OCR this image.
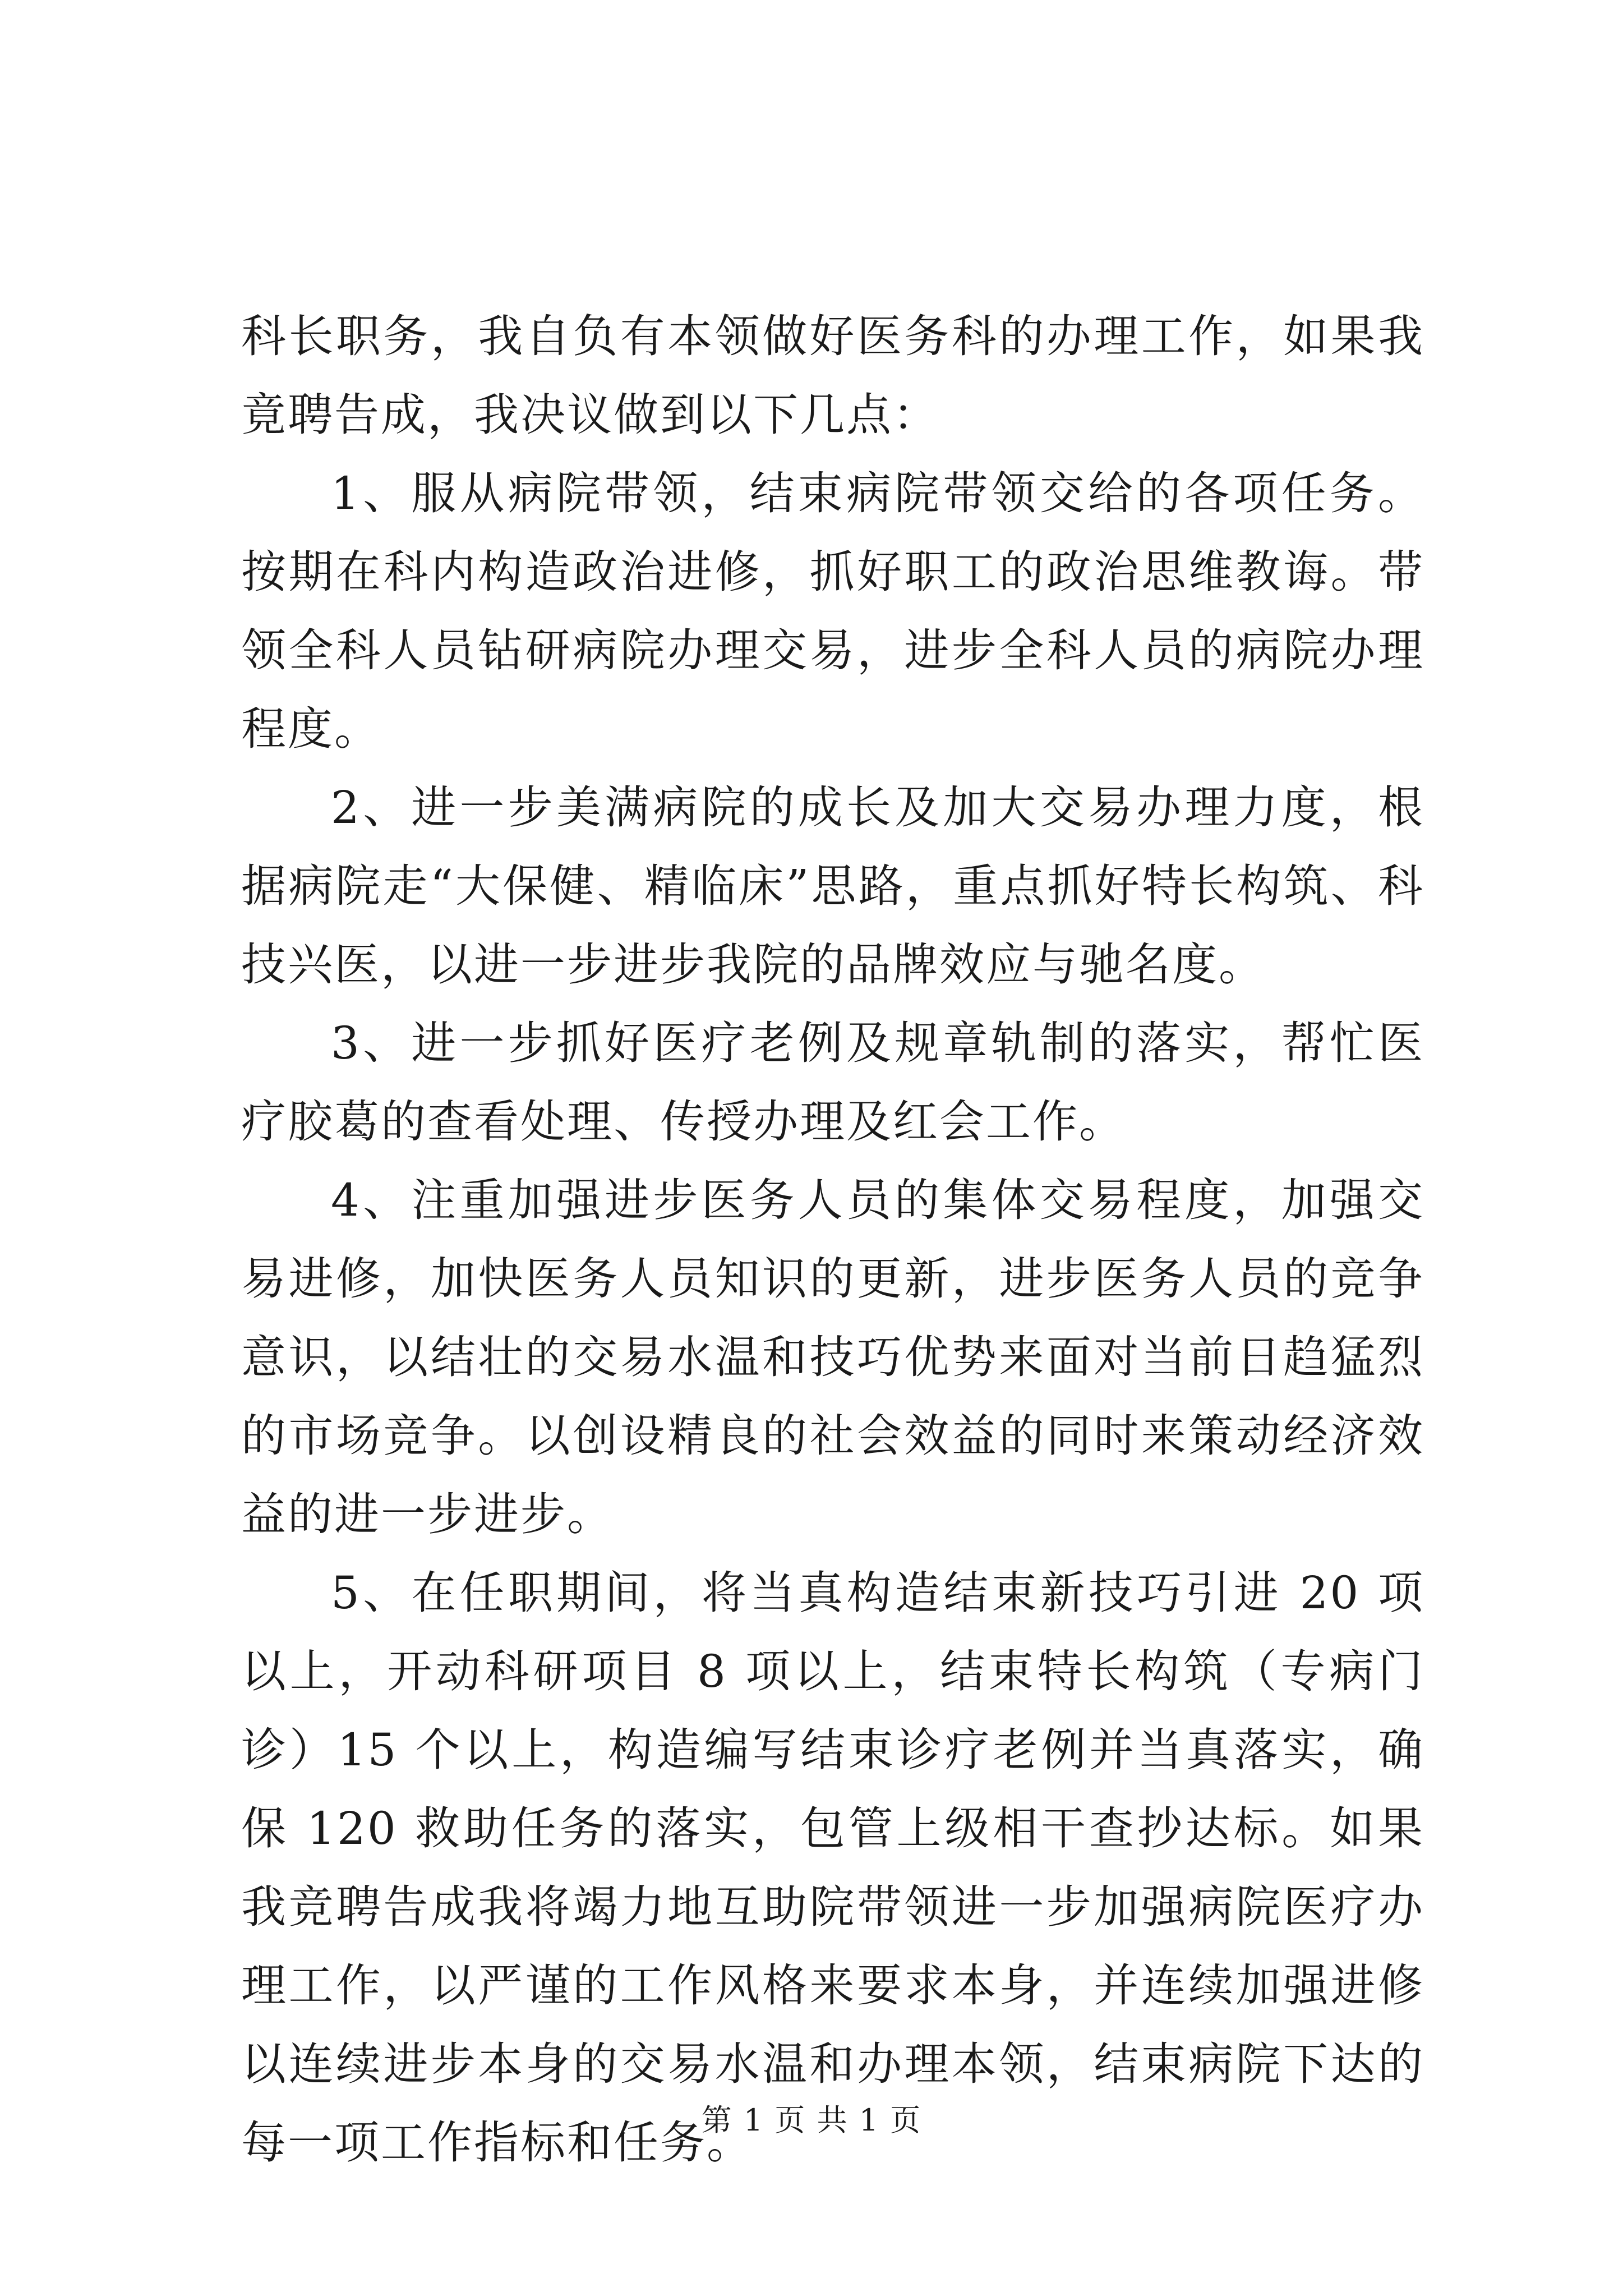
科长职务，我自负有本领做好医务科的办理工作，如果我竟聘告成，我决议做到以下几点：

1、服从病院带领，结束病院带领交给的各项任务。按期在科内构造政治进修，抓好职工的政治思维教诲。带领全科人员钻研病院办理交易，进步全科人员的病院办理程度。

2、进一步美满病院的成长及加大交易办理力度，根据病院走“大保健、精临床”思路，重点抓好特长构筑、科技兴医，以进一步进步我院的品牌效应与驰名度。

3、进一步抓好医疗老例及规章轨制的落实，帮忙医疗胶葛的查看处理、传授办理及红会工作。

4、注重加强进步医务人员的集体交易程度，加强交易进修，加快医务人员知识的更新，进步医务人员的竞争意识，以结壮的交易水温和技巧优势来面对当前日趋猛烈的市场竞争。以创设精良的社会效益的同时来策动经济效益的进一步进步。

5、在任职期间，将当真构造结束新技巧引进 20 项以上，开动科研项目 8 项以上，结束特长构筑（专病门诊）15 个以上，构造编写结束诊疗老例并当真落实，确保 120 救助任务的落实，包管上级相干查抄达标。如果我竞聘告成我将竭力地互助院带领进一步加强病院医疗办理工作，以严谨的工作风格来要求本身，并连续加强进修以连续进步本身的交易水温和办理本领，结束病院下达的每一项工作指标和任务。

第 1 页 共 1 页
